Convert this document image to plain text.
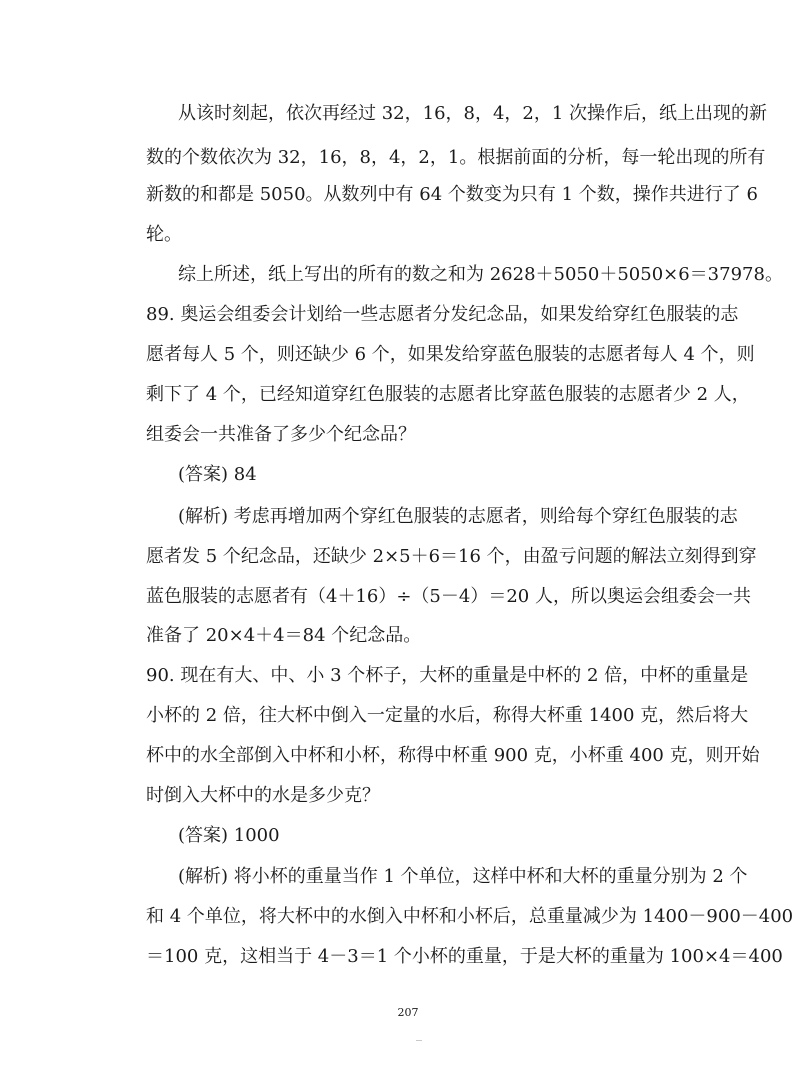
从该时刻起，依次再经过 32，16，8，4，2，1 次操作后，纸上出现的新
数的个数依次为 32，16，8，4，2，1。根据前面的分析，每一轮出现的所有
新数的和都是 5050。从数列中有 64 个数变为只有 1 个数，操作共进行了 6
轮。
综上所述，纸上写出的所有的数之和为 2628＋5050＋5050×6＝37978。
89. 奥运会组委会计划给一些志愿者分发纪念品，如果发给穿红色服装的志
愿者每人 5 个，则还缺少 6 个，如果发给穿蓝色服装的志愿者每人 4 个，则
剩下了 4 个，已经知道穿红色服装的志愿者比穿蓝色服装的志愿者少 2 人，
组委会一共准备了多少个纪念品？
(答案) 84
(解析) 考虑再增加两个穿红色服装的志愿者，则给每个穿红色服装的志
愿者发 5 个纪念品，还缺少 2×5＋6＝16 个，由盈亏问题的解法立刻得到穿
蓝色服装的志愿者有（4＋16）÷（5－4）＝20 人，所以奥运会组委会一共
准备了 20×4＋4＝84 个纪念品。
90. 现在有大、中、小 3 个杯子，大杯的重量是中杯的 2 倍，中杯的重量是
小杯的 2 倍，往大杯中倒入一定量的水后，称得大杯重 1400 克，然后将大
杯中的水全部倒入中杯和小杯，称得中杯重 900 克，小杯重 400 克，则开始
时倒入大杯中的水是多少克？
(答案) 1000
(解析) 将小杯的重量当作 1 个单位，这样中杯和大杯的重量分别为 2 个
和 4 个单位，将大杯中的水倒入中杯和小杯后，总重量减少为 1400－900－400
＝100 克，这相当于 4－3＝1 个小杯的重量，于是大杯的重量为 100×4＝400
207
